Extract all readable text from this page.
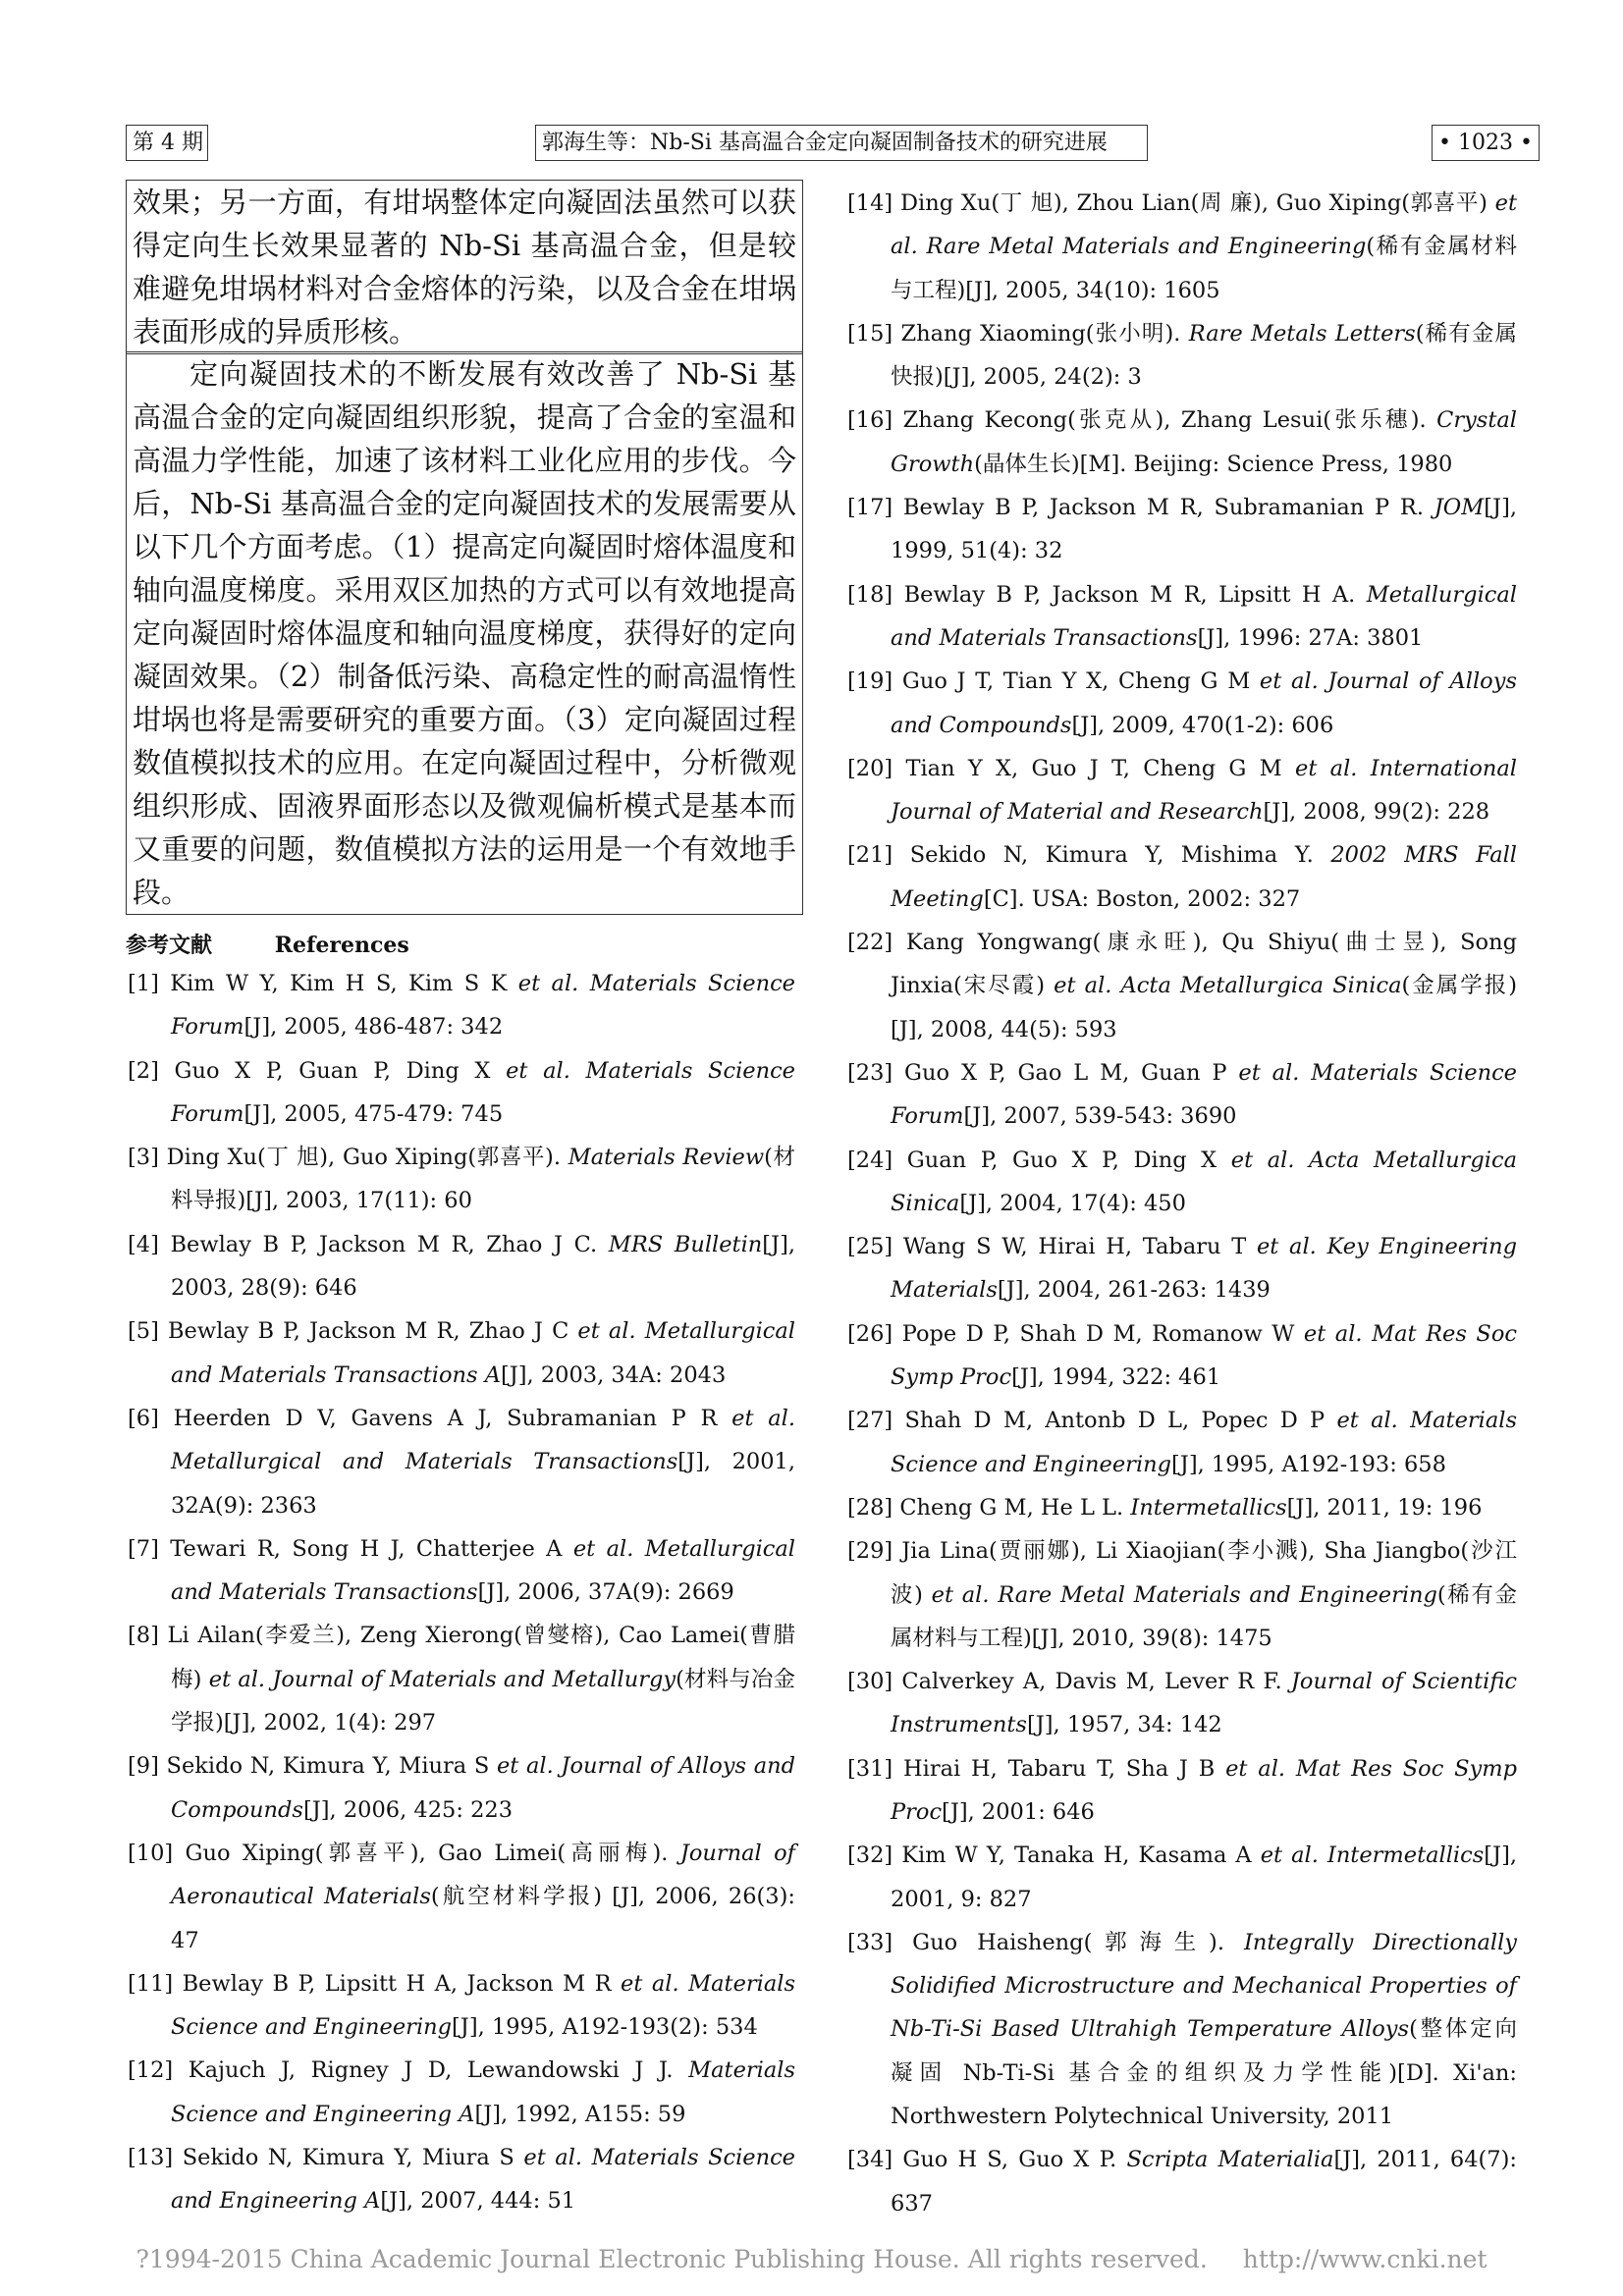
第 4 期	郭海生等：Nb-Si 基高温合金定向凝固制备技术的研究进展	• 1023 •
效果；另一方面，有坩埚整体定向凝固法虽然可以获得定向生长效果显著的 Nb-Si 基高温合金，但是较难避免坩埚材料对合金熔体的污染，以及合金在坩埚表面形成的异质形核。
定向凝固技术的不断发展有效改善了 Nb-Si 基高温合金的定向凝固组织形貌，提高了合金的室温和高温力学性能，加速了该材料工业化应用的步伐。今后，Nb-Si 基高温合金的定向凝固技术的发展需要从以下几个方面考虑。（1）提高定向凝固时熔体温度和轴向温度梯度。采用双区加热的方式可以有效地提高定向凝固时熔体温度和轴向温度梯度，获得好的定向凝固效果。（2）制备低污染、高稳定性的耐高温惰性坩埚也将是需要研究的重要方面。（3）定向凝固过程数值模拟技术的应用。在定向凝固过程中，分析微观组织形成、固液界面形态以及微观偏析模式是基本而又重要的问题，数值模拟方法的运用是一个有效地手段。
参考文献	References
[1] Kim W Y, Kim H S, Kim S K et al. Materials Science Forum[J], 2005, 486-487: 342
[2] Guo X P, Guan P, Ding X et al. Materials Science Forum[J], 2005, 475-479: 745
[3] Ding Xu(丁 旭), Guo Xiping(郭喜平). Materials Review(材料导报)[J], 2003, 17(11): 60
[4] Bewlay B P, Jackson M R, Zhao J C. MRS Bulletin[J], 2003, 28(9): 646
[5] Bewlay B P, Jackson M R, Zhao J C et al. Metallurgical and Materials Transactions A[J], 2003, 34A: 2043
[6] Heerden D V, Gavens A J, Subramanian P R et al. Metallurgical and Materials Transactions[J], 2001, 32A(9): 2363
[7] Tewari R, Song H J, Chatterjee A et al. Metallurgical and Materials Transactions[J], 2006, 37A(9): 2669
[8] Li Ailan(李爱兰), Zeng Xierong(曾燮榕), Cao Lamei(曹腊梅) et al. Journal of Materials and Metallurgy(材料与冶金学报)[J], 2002, 1(4): 297
[9] Sekido N, Kimura Y, Miura S et al. Journal of Alloys and Compounds[J], 2006, 425: 223
[10] Guo Xiping(郭喜平), Gao Limei(高丽梅). Journal of Aeronautical Materials(航空材料学报) [J], 2006, 26(3): 47
[11] Bewlay B P, Lipsitt H A, Jackson M R et al. Materials Science and Engineering[J], 1995, A192-193(2): 534
[12] Kajuch J, Rigney J D, Lewandowski J J. Materials Science and Engineering A[J], 1992, A155: 59
[13] Sekido N, Kimura Y, Miura S et al. Materials Science and Engineering A[J], 2007, 444: 51
[14] Ding Xu(丁 旭), Zhou Lian(周 廉), Guo Xiping(郭喜平) et al. Rare Metal Materials and Engineering(稀有金属材料与工程)[J], 2005, 34(10): 1605
[15] Zhang Xiaoming(张小明). Rare Metals Letters(稀有金属快报)[J], 2005, 24(2): 3
[16] Zhang Kecong(张克从), Zhang Lesui(张乐穗). Crystal Growth(晶体生长)[M]. Beijing: Science Press, 1980
[17] Bewlay B P, Jackson M R, Subramanian P R. JOM[J], 1999, 51(4): 32
[18] Bewlay B P, Jackson M R, Lipsitt H A. Metallurgical and Materials Transactions[J], 1996: 27A: 3801
[19] Guo J T, Tian Y X, Cheng G M et al. Journal of Alloys and Compounds[J], 2009, 470(1-2): 606
[20] Tian Y X, Guo J T, Cheng G M et al. International Journal of Material and Research[J], 2008, 99(2): 228
[21] Sekido N, Kimura Y, Mishima Y. 2002 MRS Fall Meeting[C]. USA: Boston, 2002: 327
[22] Kang Yongwang(康永旺), Qu Shiyu(曲士昱), Song Jinxia(宋尽霞) et al. Acta Metallurgica Sinica(金属学报)[J], 2008, 44(5): 593
[23] Guo X P, Gao L M, Guan P et al. Materials Science Forum[J], 2007, 539-543: 3690
[24] Guan P, Guo X P, Ding X et al. Acta Metallurgica Sinica[J], 2004, 17(4): 450
[25] Wang S W, Hirai H, Tabaru T et al. Key Engineering Materials[J], 2004, 261-263: 1439
[26] Pope D P, Shah D M, Romanow W et al. Mat Res Soc Symp Proc[J], 1994, 322: 461
[27] Shah D M, Antonb D L, Popec D P et al. Materials Science and Engineering[J], 1995, A192-193: 658
[28] Cheng G M, He L L. Intermetallics[J], 2011, 19: 196
[29] Jia Lina(贾丽娜), Li Xiaojian(李小溅), Sha Jiangbo(沙江波) et al. Rare Metal Materials and Engineering(稀有金属材料与工程)[J], 2010, 39(8): 1475
[30] Calverkey A, Davis M, Lever R F. Journal of Scientific Instruments[J], 1957, 34: 142
[31] Hirai H, Tabaru T, Sha J B et al. Mat Res Soc Symp Proc[J], 2001: 646
[32] Kim W Y, Tanaka H, Kasama A et al. Intermetallics[J], 2001, 9: 827
[33] Guo Haisheng(郭海生). Integrally Directionally Solidified Microstructure and Mechanical Properties of Nb-Ti-Si Based Ultrahigh Temperature Alloys(整体定向凝固 Nb-Ti-Si 基合金的组织及力学性能)[D]. Xi'an: Northwestern Polytechnical University, 2011
[34] Guo H S, Guo X P. Scripta Materialia[J], 2011, 64(7): 637
?1994-2015 China Academic Journal Electronic Publishing House. All rights reserved. http://www.cnki.net
